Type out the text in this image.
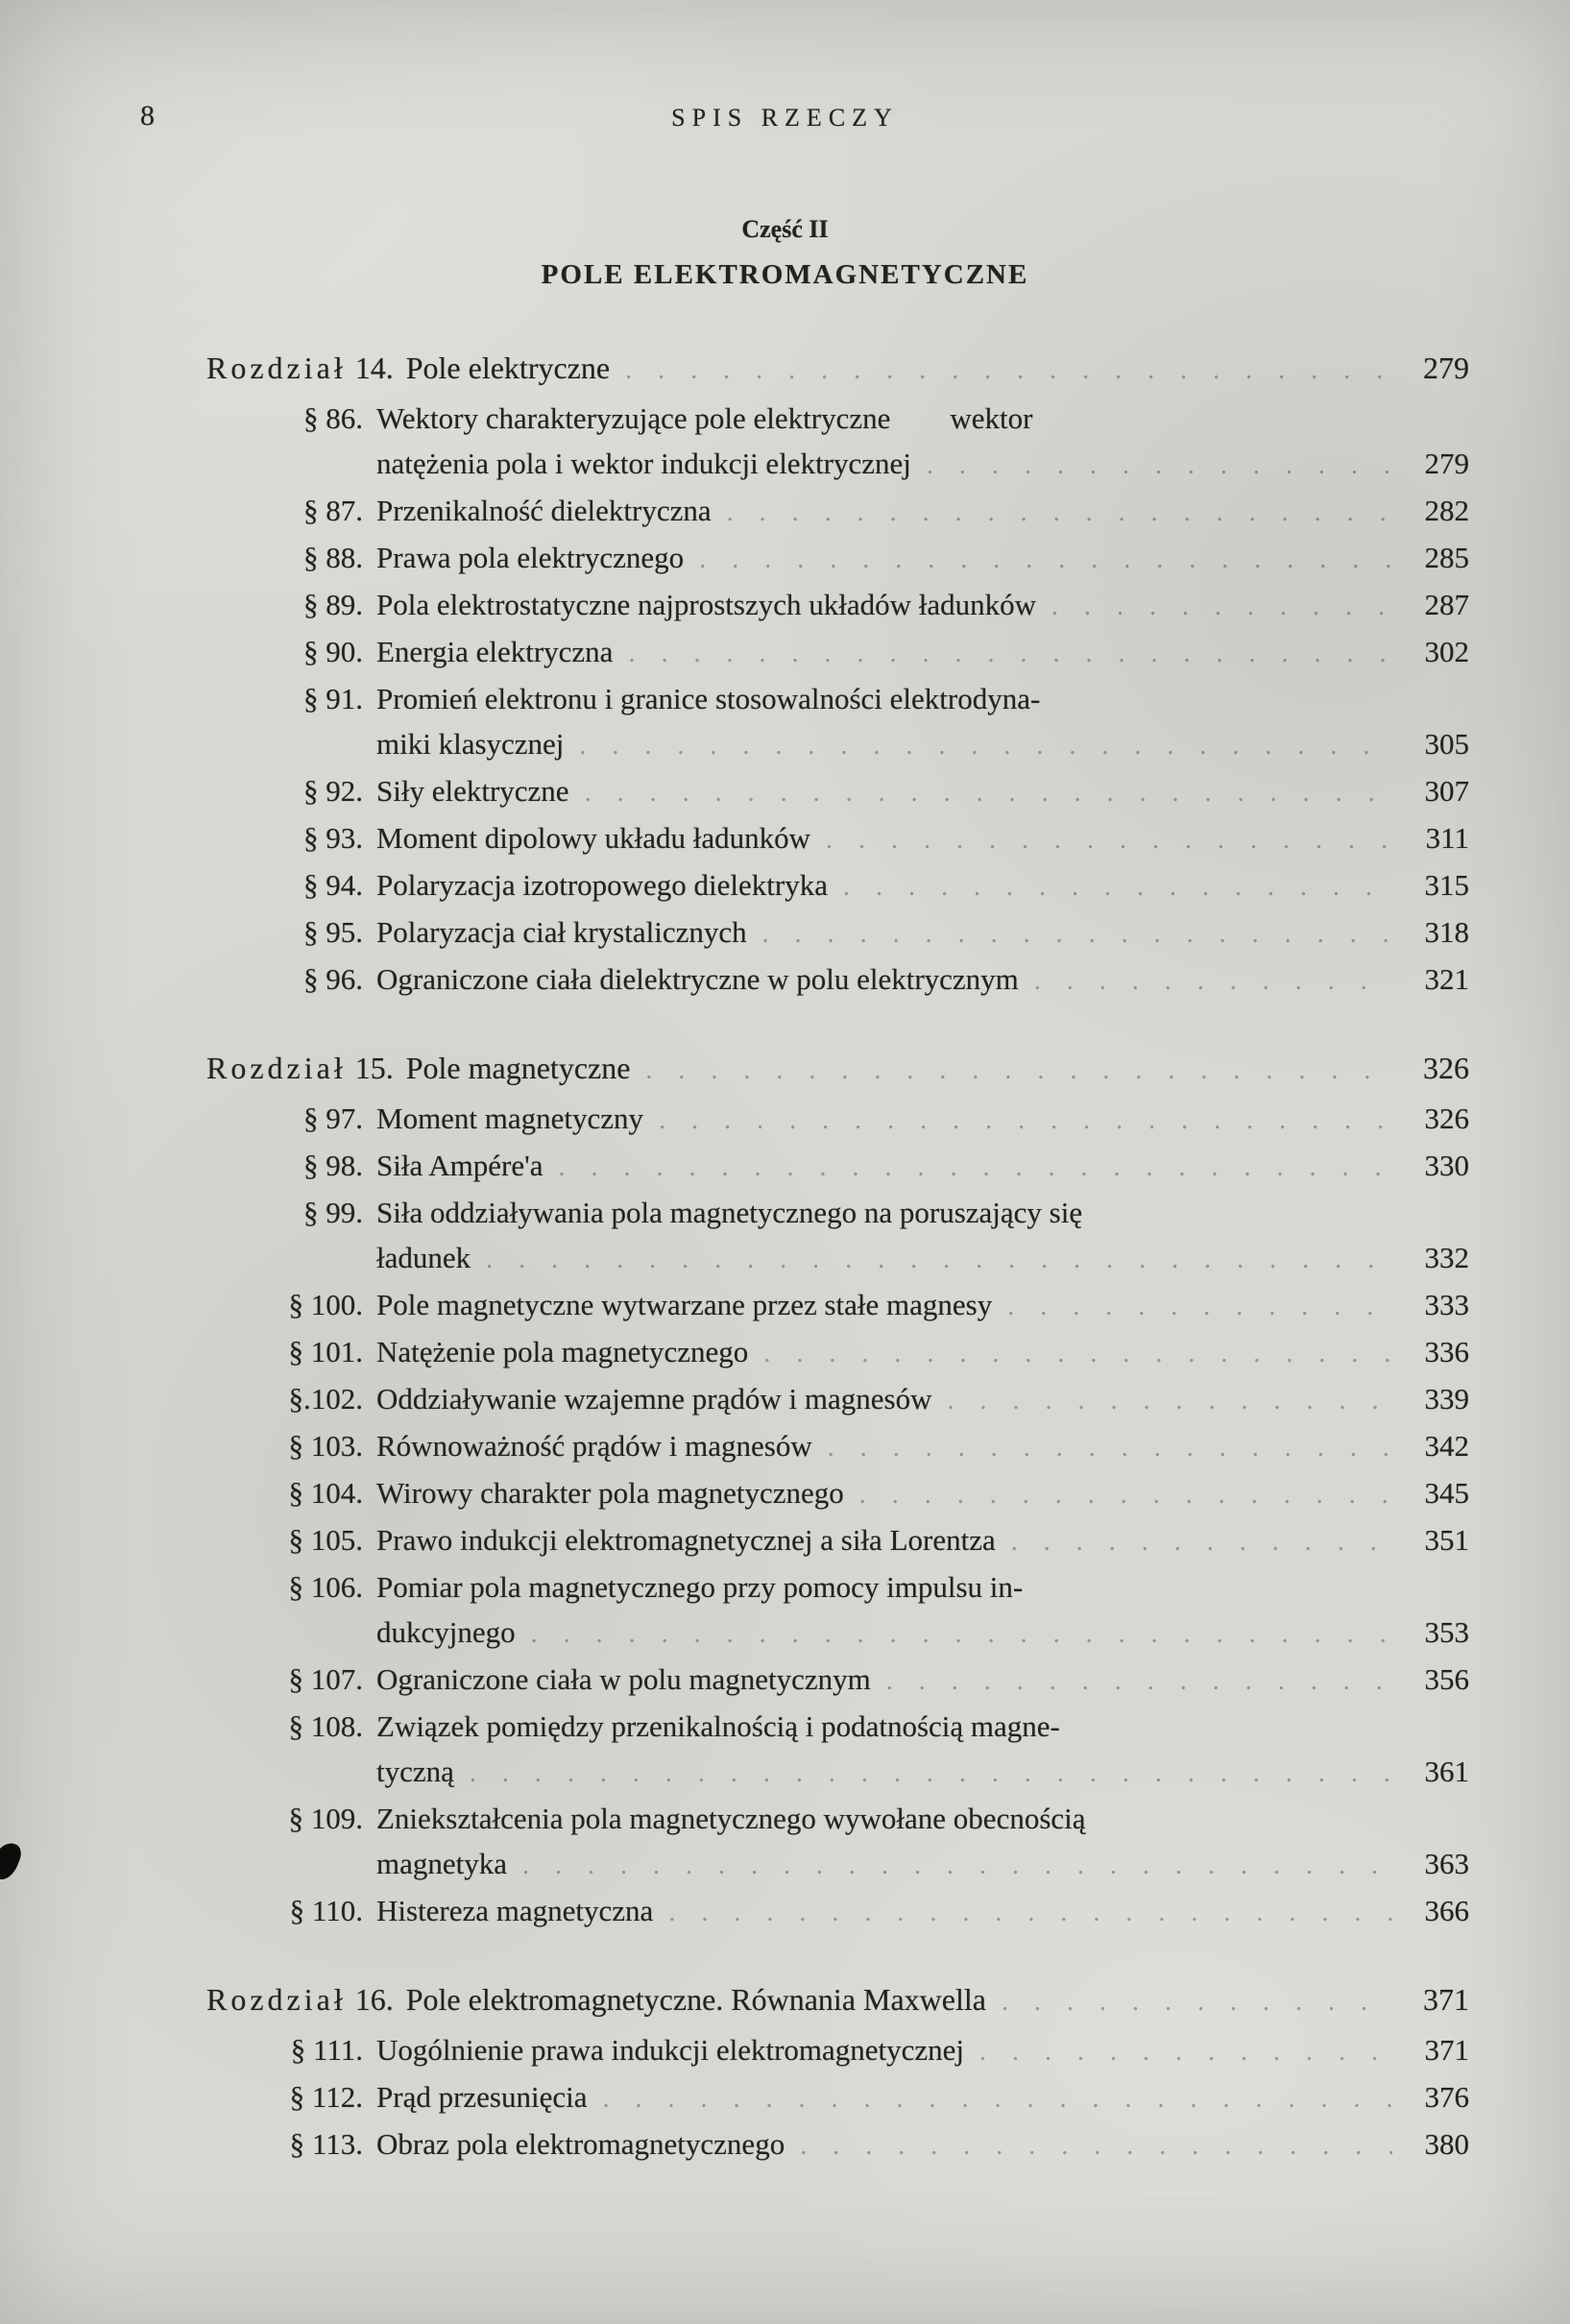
8	SPIS RZECZY
Część II
POLE ELEKTROMAGNETYCZNE
Rozdział 14. Pole elektryczne . . .	279
§ 86. Wektory charakteryzujące pole elektryczne  wektor
natężenia pola i wektor indukcji elektrycznej . . .	279
§ 87. Przenikalność dielektryczna . . .	282
§ 88. Prawa pola elektrycznego . . .	285
§ 89. Pola elektrostatyczne najprostszych układów ładunków . . .	287
§ 90. Energia elektryczna . . .	302
§ 91. Promień elektronu i granice stosowalności elektrodyna-
miki klasycznej . . .	305
§ 92. Siły elektryczne . . .	307
§ 93. Moment dipolowy układu ładunków . . .	311
§ 94. Polaryzacja izotropowego dielektryka . . .	315
§ 95. Polaryzacja ciał krystalicznych . . .	318
§ 96. Ograniczone ciała dielektryczne w polu elektrycznym . . .	321
Rozdział 15. Pole magnetyczne . . .	326
§ 97. Moment magnetyczny . . .	326
§ 98. Siła Ampére'a . . .	330
§ 99. Siła oddziaływania pola magnetycznego na poruszający się
ładunek . . .	332
§ 100. Pole magnetyczne wytwarzane przez stałe magnesy . . .	333
§ 101. Natężenie pola magnetycznego . . .	336
§.102. Oddziaływanie wzajemne prądów i magnesów . . .	339
§ 103. Równoważność prądów i magnesów . . .	342
§ 104. Wirowy charakter pola magnetycznego . . .	345
§ 105. Prawo indukcji elektromagnetycznej a siła Lorentza . . .	351
§ 106. Pomiar pola magnetycznego przy pomocy impulsu in-
dukcyjnego . . .	353
§ 107. Ograniczone ciała w polu magnetycznym . . .	356
§ 108. Związek pomiędzy przenikalnością i podatnością magne-
tyczną . . .	361
§ 109. Zniekształcenia pola magnetycznego wywołane obecnością
magnetyka . . .	363
§ 110. Histereza magnetyczna . . .	366
Rozdział 16. Pole elektromagnetyczne. Równania Maxwella . . .	371
§ 111. Uogólnienie prawa indukcji elektromagnetycznej . . .	371
§ 112. Prąd przesunięcia . . .	376
§ 113. Obraz pola elektromagnetycznego . . .	380
